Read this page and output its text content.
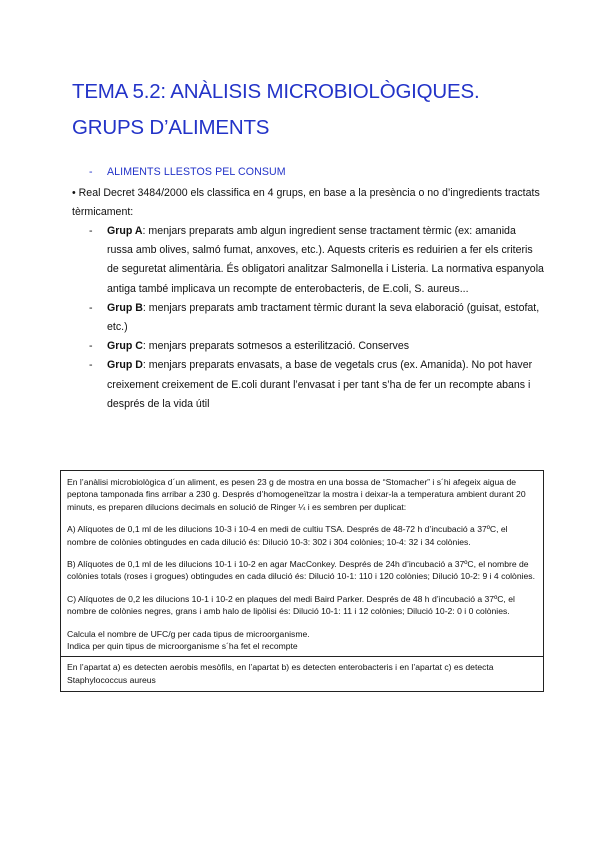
TEMA 5.2: ANÀLISIS MICROBIOLÒGIQUES. GRUPS D’ALIMENTS
- ALIMENTS LLESTOS PEL CONSUM
• Real Decret 3484/2000 els classifica en 4 grups, en base a la presència o no d’ingredients tractats tèrmicament:
- Grup A: menjars preparats amb algun ingredient sense tractament tèrmic (ex: amanida russa amb olives, salmó fumat, anxoves, etc.). Aquests criteris es reduirien a fer els criteris de seguretat alimentària. És obligatori analitzar Salmonella i Listeria. La normativa espanyola antiga també implicava un recompte de enterobacteris, de E.coli, S. aureus...
- Grup B: menjars preparats amb tractament tèrmic durant la seva elaboració (guisat, estofat, etc.)
- Grup C: menjars preparats sotmesos a esterilització. Conserves
- Grup D: menjars preparats envasats, a base de vegetals crus (ex. Amanida). No pot haver creixement creixement de E.coli durant l’envasat i per tant s’ha de fer un recompte abans i després de la vida útil

En l’anàlisi microbiològica d´un aliment, es pesen 23 g de mostra en una bossa de “Stomacher” i s´hi afegeix aigua de peptona tamponada fins arribar a 230 g. Després d’homogeneïtzar la mostra i deixar-la a temperatura ambient durant 20 minuts, es preparen dilucions decimals en solució de Ringer ¼ i es sembren per duplicat:

A) Alíquotes de 0,1 ml de les dilucions 10-3 i 10-4 en medi de cultiu TSA. Després de 48-72 h d’incubació a 37ºC, el nombre de colònies obtingudes en cada dilució és: Dilució 10-3: 302 i 304 colònies; 10-4: 32 i 34 colònies.

B) Alíquotes de 0,1 ml de les dilucions 10-1 i 10-2 en agar MacConkey. Després de 24h d’incubació a 37ºC, el nombre de colònies totals (roses i grogues) obtingudes en cada dilució és: Dilució 10-1: 110 i 120 colònies; Dilució 10-2: 9 i 4 colònies.

C) Alíquotes de 0,2 les dilucions 10-1 i 10-2 en plaques del medi Baird Parker. Després de 48 h d’incubació a 37ºC, el nombre de colònies negres, grans i amb halo de lipòlisi és: Dilució 10-1: 11 i 12 colònies; Dilució 10-2: 0 i 0 colònies.

Calcula el nombre de UFC/g per cada tipus de microorganisme.

Indica per quin tipus de microorganisme s´ha fet el recompte

En l’apartat a) es detecten aerobis mesòfils, en l’apartat b) es detecten enterobacteris i en l’apartat c) es detecta Staphylococcus aureus
